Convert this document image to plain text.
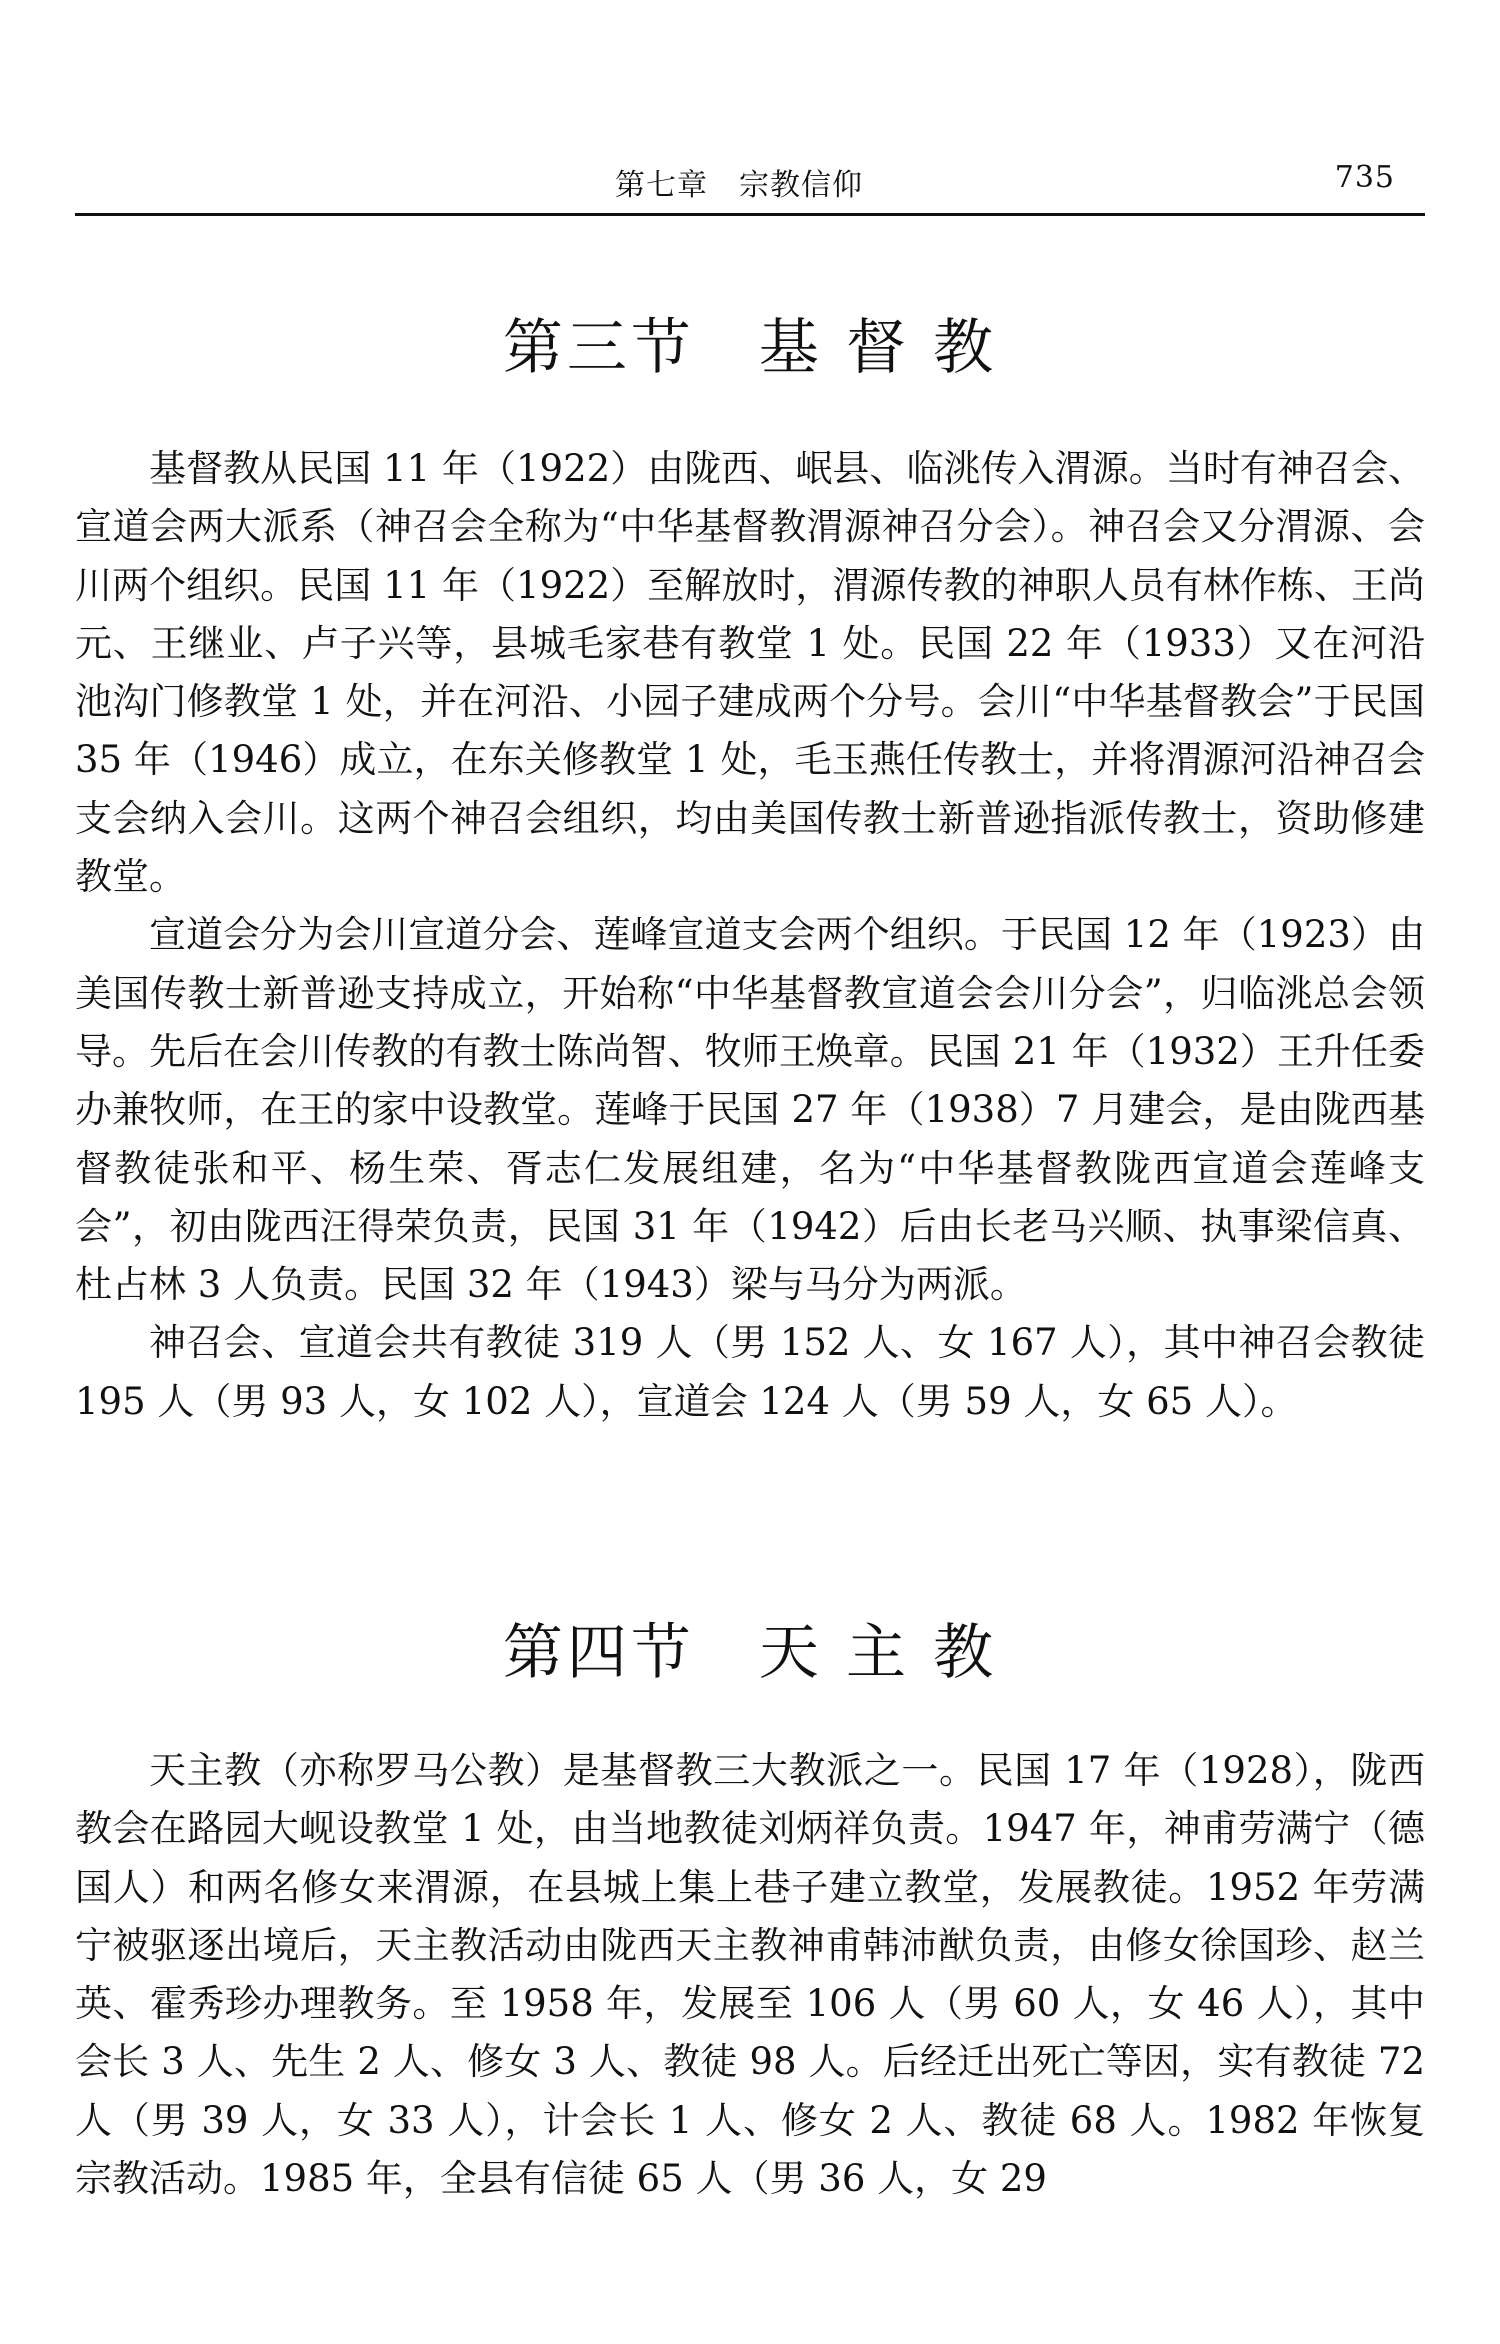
第七章　宗教信仰	735
第三节　基 督 教

基督教从民国 11 年（1922）由陇西、岷县、临洮传入渭源。当时有神召会、宣道会两大派系（神召会全称为“中华基督教渭源神召分会）。神召会又分渭源、会川两个组织。民国 11 年（1922）至解放时，渭源传教的神职人员有林作栋、王尚元、王继业、卢子兴等，县城毛家巷有教堂 1 处。民国 22 年（1933）又在河沿池沟门修教堂 1 处，并在河沿、小园子建成两个分号。会川“中华基督教会”于民国 35 年（1946）成立，在东关修教堂 1 处，毛玉燕任传教士，并将渭源河沿神召会支会纳入会川。这两个神召会组织，均由美国传教士新普逊指派传教士，资助修建教堂。

宣道会分为会川宣道分会、莲峰宣道支会两个组织。于民国 12 年（1923）由美国传教士新普逊支持成立，开始称“中华基督教宣道会会川分会”，归临洮总会领导。先后在会川传教的有教士陈尚智、牧师王焕章。民国 21 年（1932）王升任委办兼牧师，在王的家中设教堂。莲峰于民国 27 年（1938）7 月建会，是由陇西基督教徒张和平、杨生荣、胥志仁发展组建，名为“中华基督教陇西宣道会莲峰支会”，初由陇西汪得荣负责，民国 31 年（1942）后由长老马兴顺、执事梁信真、杜占林 3 人负责。民国 32 年（1943）梁与马分为两派。

神召会、宣道会共有教徒 319 人（男 152 人、女 167 人），其中神召会教徒 195 人（男 93 人，女 102 人），宣道会 124 人（男 59 人，女 65 人）。

第四节　天 主 教

天主教（亦称罗马公教）是基督教三大教派之一。民国 17 年（1928），陇西教会在路园大岘设教堂 1 处，由当地教徒刘炳祥负责。1947 年，神甫劳满宁（德国人）和两名修女来渭源，在县城上集上巷子建立教堂，发展教徒。1952 年劳满宁被驱逐出境后，天主教活动由陇西天主教神甫韩沛猷负责，由修女徐国珍、赵兰英、霍秀珍办理教务。至 1958 年，发展至 106 人（男 60 人，女 46 人），其中会长 3 人、先生 2 人、修女 3 人、教徒 98 人。后经迁出死亡等因，实有教徒 72 人（男 39 人，女 33 人），计会长 1 人、修女 2 人、教徒 68 人。1982 年恢复宗教活动。1985 年，全县有信徒 65 人（男 36 人，女 29
